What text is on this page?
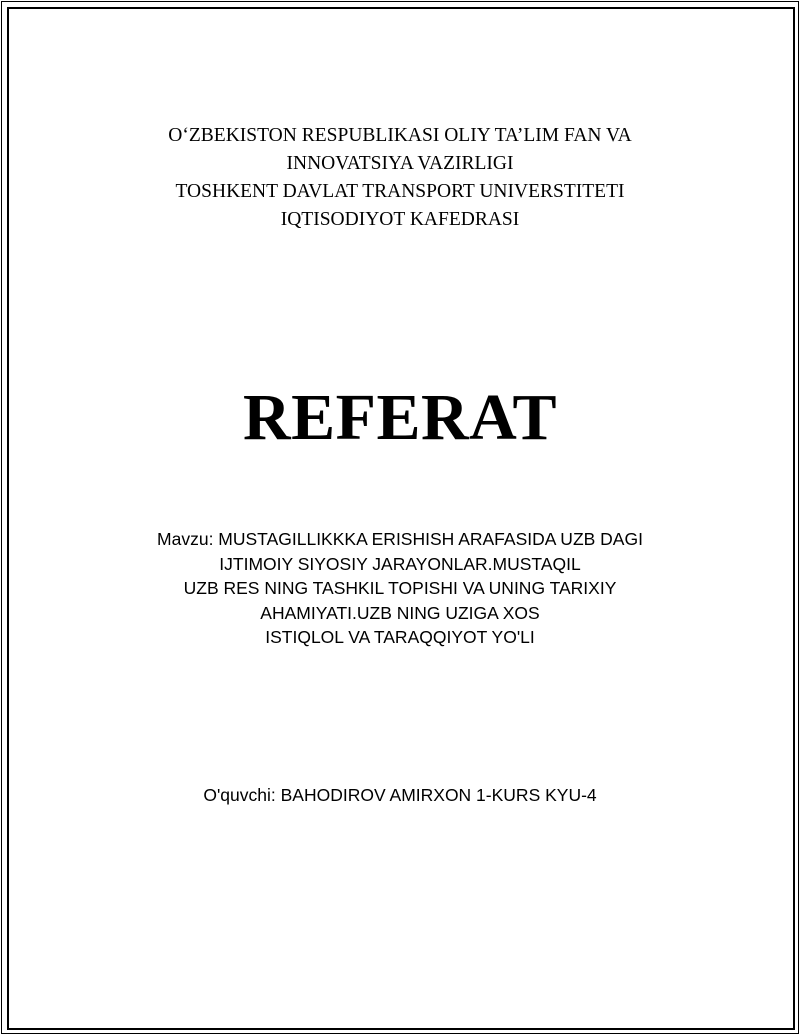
O‘ZBEKISTON RESPUBLIKASI OLIY TA’LIM FAN VA
INNOVATSIYA VAZIRLIGI
TOSHKENT DAVLAT TRANSPORT UNIVERSTITETI
IQTISODIYOT KAFEDRASI
REFERAT
Mavzu: MUSTAGILLIKKKA ERISHISH ARAFASIDA UZB DAGI
IJTIMOIY SIYOSIY JARAYONLAR.MUSTAQIL
UZB RES NING TASHKIL TOPISHI VA UNING TARIXIY
AHAMIYATI.UZB NING UZIGA XOS
ISTIQLOL VA TARAQQIYOT YO'LI
O'quvchi: BAHODIROV AMIRXON 1-KURS KYU-4
